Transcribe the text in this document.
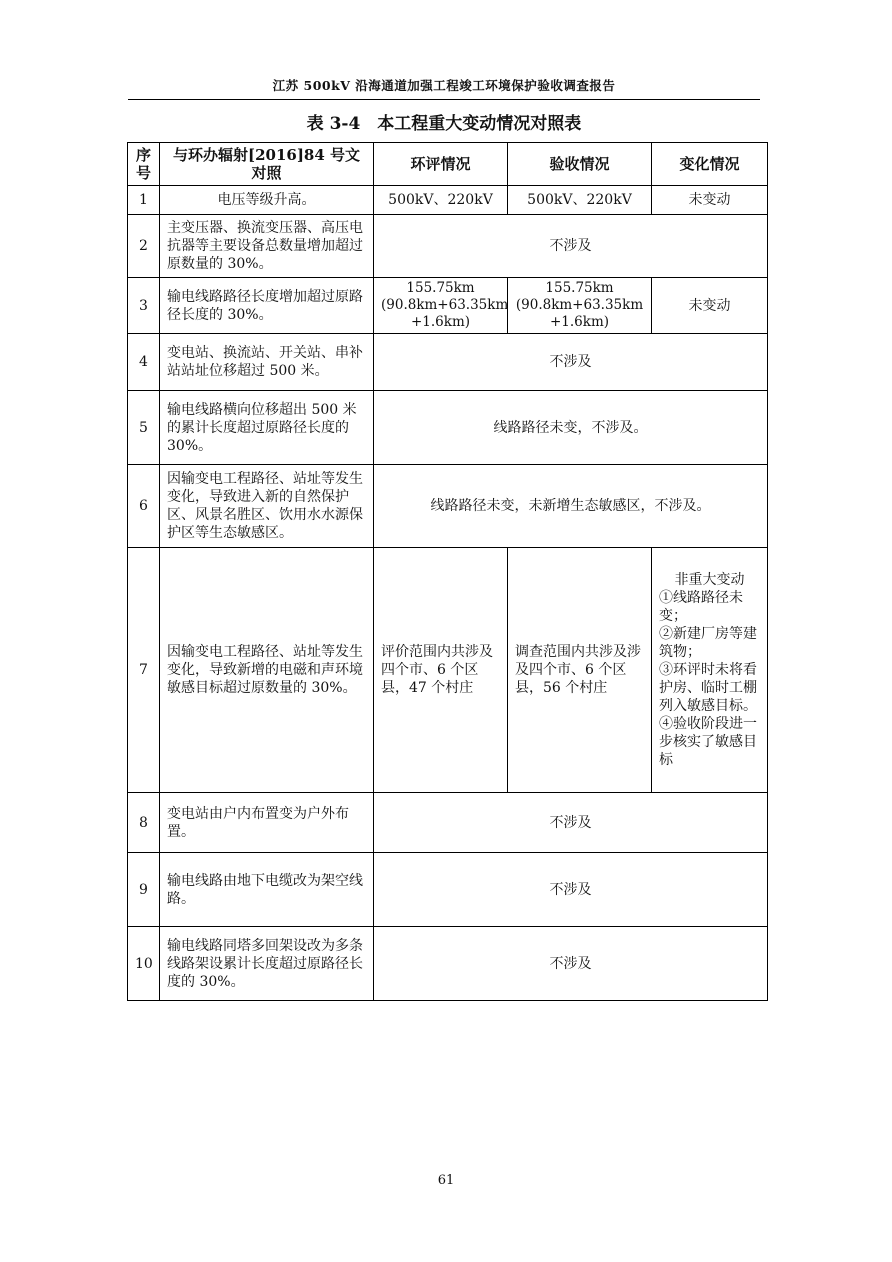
江苏 500kV 沿海通道加强工程竣工环境保护验收调查报告
表 3-4　本工程重大变动情况对照表
序号	与环办辐射[2016]84 号文对照	环评情况	验收情况	变化情况
1	电压等级升高。	500kV、220kV	500kV、220kV	未变动
2	主变压器、换流变压器、高压电抗器等主要设备总数量增加超过原数量的 30%。	不涉及		
3	输电线路路径长度增加超过原路径长度的 30%。	155.75km (90.8km+63.35km +1.6km)	155.75km (90.8km+63.35km +1.6km)	未变动
4	变电站、换流站、开关站、串补站站址位移超过 500 米。	不涉及		
5	输电线路横向位移超出 500 米的累计长度超过原路径长度的 30%。	线路路径未变，不涉及。		
6	因输变电工程路径、站址等发生变化，导致进入新的自然保护区、风景名胜区、饮用水水源保护区等生态敏感区。	线路路径未变，未新增生态敏感区，不涉及。		
7	因输变电工程路径、站址等发生变化，导致新增的电磁和声环境敏感目标超过原数量的 30%。	评价范围内共涉及四个市、6 个区县，47 个村庄	调查范围内共涉及涉及四个市、6 个区县，56 个村庄	非重大变动
①线路路径未变；
②新建厂房等建筑物；
③环评时未将看护房、临时工棚列入敏感目标。
④验收阶段进一步核实了敏感目标
8	变电站由户内布置变为户外布置。	不涉及		
9	输电线路由地下电缆改为架空线路。	不涉及		
10	输电线路同塔多回架设改为多条线路架设累计长度超过原路径长度的 30%。	不涉及		
61
